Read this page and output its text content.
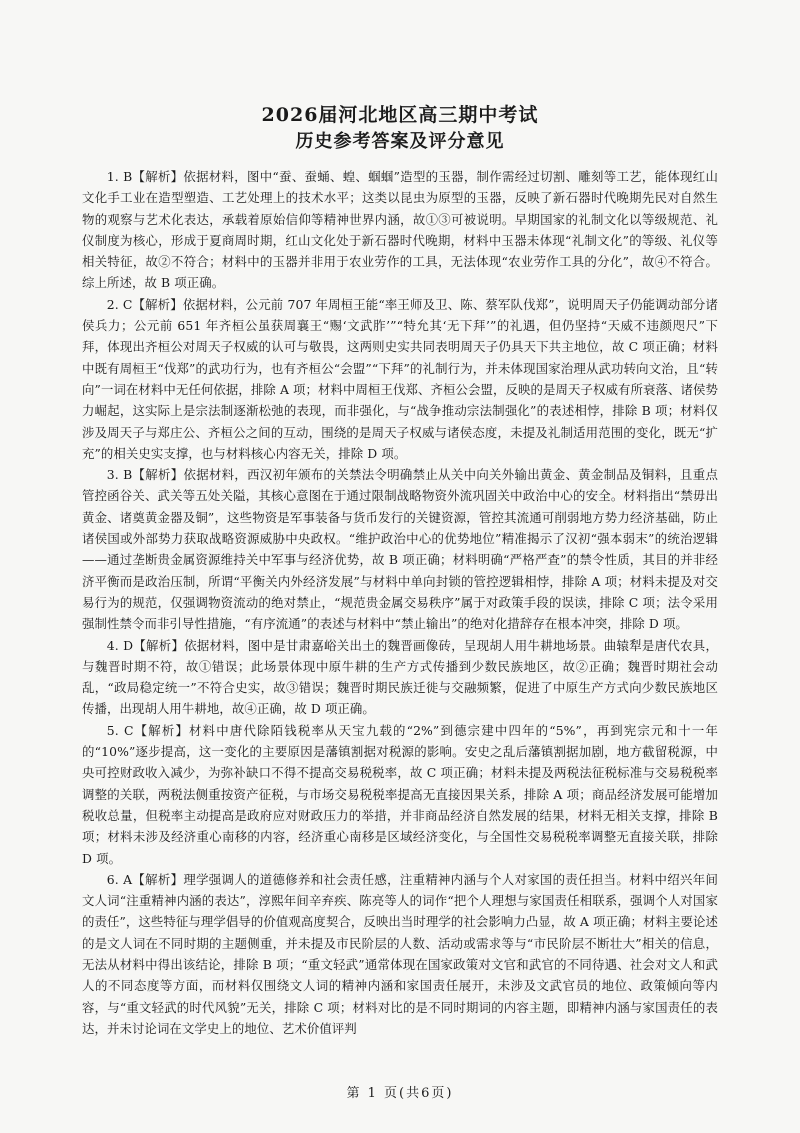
2026届河北地区高三期中考试
历史参考答案及评分意见

1. B【解析】依据材料，图中“蚕、蚕蛹、蝗、蝈蝈”造型的玉器，制作需经过切割、雕刻等工艺，能体现红山文化手工业在造型塑造、工艺处理上的技术水平；这类以昆虫为原型的玉器，反映了新石器时代晚期先民对自然生物的观察与艺术化表达，承载着原始信仰等精神世界内涵，故①③可被说明。早期国家的礼制文化以等级规范、礼仪制度为核心，形成于夏商周时期，红山文化处于新石器时代晚期，材料中玉器未体现“礼制文化”的等级、礼仪等相关特征，故②不符合；材料中的玉器并非用于农业劳作的工具，无法体现“农业劳作工具的分化”，故④不符合。综上所述，故 B 项正确。

2. C【解析】依据材料，公元前 707 年周桓王能“率王师及卫、陈、蔡军队伐郑”，说明周天子仍能调动部分诸侯兵力；公元前 651 年齐桓公虽获周襄王“赐‘文武胙’”“特允其‘无下拜’”的礼遇，但仍坚持“天威不违颜咫尺”下拜，体现出齐桓公对周天子权威的认可与敬畏，这两则史实共同表明周天子仍具天下共主地位，故 C 项正确；材料中既有周桓王“伐郑”的武功行为，也有齐桓公“会盟”“下拜”的礼制行为，并未体现国家治理从武功转向文治，且“转向”一词在材料中无任何依据，排除 A 项；材料中周桓王伐郑、齐桓公会盟，反映的是周天子权威有所衰落、诸侯势力崛起，这实际上是宗法制逐渐松弛的表现，而非强化，与“战争推动宗法制强化”的表述相悖，排除 B 项；材料仅涉及周天子与郑庄公、齐桓公之间的互动，围绕的是周天子权威与诸侯态度，未提及礼制适用范围的变化，既无“扩充”的相关史实支撑，也与材料核心内容无关，排除 D 项。

3. B【解析】依据材料，西汉初年颁布的关禁法令明确禁止从关中向关外输出黄金、黄金制品及铜料，且重点管控函谷关、武关等五处关隘，其核心意图在于通过限制战略物资外流巩固关中政治中心的安全。材料指出“禁毋出黄金、诸奠黄金器及铜”，这些物资是军事装备与货币发行的关键资源，管控其流通可削弱地方势力经济基础，防止诸侯国或外部势力获取战略资源威胁中央政权。“维护政治中心的优势地位”精准揭示了汉初“强本弱末”的统治逻辑——通过垄断贵金属资源维持关中军事与经济优势，故 B 项正确；材料明确“严格严查”的禁令性质，其目的并非经济平衡而是政治压制，所谓“平衡关内外经济发展”与材料中单向封锁的管控逻辑相悖，排除 A 项；材料未提及对交易行为的规范，仅强调物资流动的绝对禁止，“规范贵金属交易秩序”属于对政策手段的误读，排除 C 项；法令采用强制性禁令而非引导性措施，“有序流通”的表述与材料中“禁止输出”的绝对化措辞存在根本冲突，排除 D 项。

4. D【解析】依据材料，图中是甘肃嘉峪关出土的魏晋画像砖，呈现胡人用牛耕地场景。曲辕犁是唐代农具，与魏晋时期不符，故①错误；此场景体现中原牛耕的生产方式传播到少数民族地区，故②正确；魏晋时期社会动乱，“政局稳定统一”不符合史实，故③错误；魏晋时期民族迁徙与交融频繁，促进了中原生产方式向少数民族地区传播，出现胡人用牛耕地，故④正确，故 D 项正确。

5. C【解析】材料中唐代除陌钱税率从天宝九载的“2%”到德宗建中四年的“5%”，再到宪宗元和十一年的“10%”逐步提高，这一变化的主要原因是藩镇割据对税源的影响。安史之乱后藩镇割据加剧，地方截留税源，中央可控财政收入减少，为弥补缺口不得不提高交易税税率，故 C 项正确；材料未提及两税法征税标准与交易税税率调整的关联，两税法侧重按资产征税，与市场交易税税率提高无直接因果关系，排除 A 项；商品经济发展可能增加税收总量，但税率主动提高是政府应对财政压力的举措，并非商品经济自然发展的结果，材料无相关支撑，排除 B 项；材料未涉及经济重心南移的内容，经济重心南移是区域经济变化，与全国性交易税税率调整无直接关联，排除 D 项。

6. A【解析】理学强调人的道德修养和社会责任感，注重精神内涵与个人对家国的责任担当。材料中绍兴年间文人词“注重精神内涵的表达”，淳熙年间辛弃疾、陈亮等人的词作“把个人理想与家国责任相联系，强调个人对国家的责任”，这些特征与理学倡导的价值观高度契合，反映出当时理学的社会影响力凸显，故 A 项正确；材料主要论述的是文人词在不同时期的主题侧重，并未提及市民阶层的人数、活动或需求等与“市民阶层不断壮大”相关的信息，无法从材料中得出该结论，排除 B 项；“重文轻武”通常体现在国家政策对文官和武官的不同待遇、社会对文人和武人的不同态度等方面，而材料仅围绕文人词的精神内涵和家国责任展开，未涉及文武官员的地位、政策倾向等内容，与“重文轻武的时代风貌”无关，排除 C 项；材料对比的是不同时期词的内容主题，即精神内涵与家国责任的表达，并未讨论词在文学史上的地位、艺术价值评判

第 1 页(共6页)
